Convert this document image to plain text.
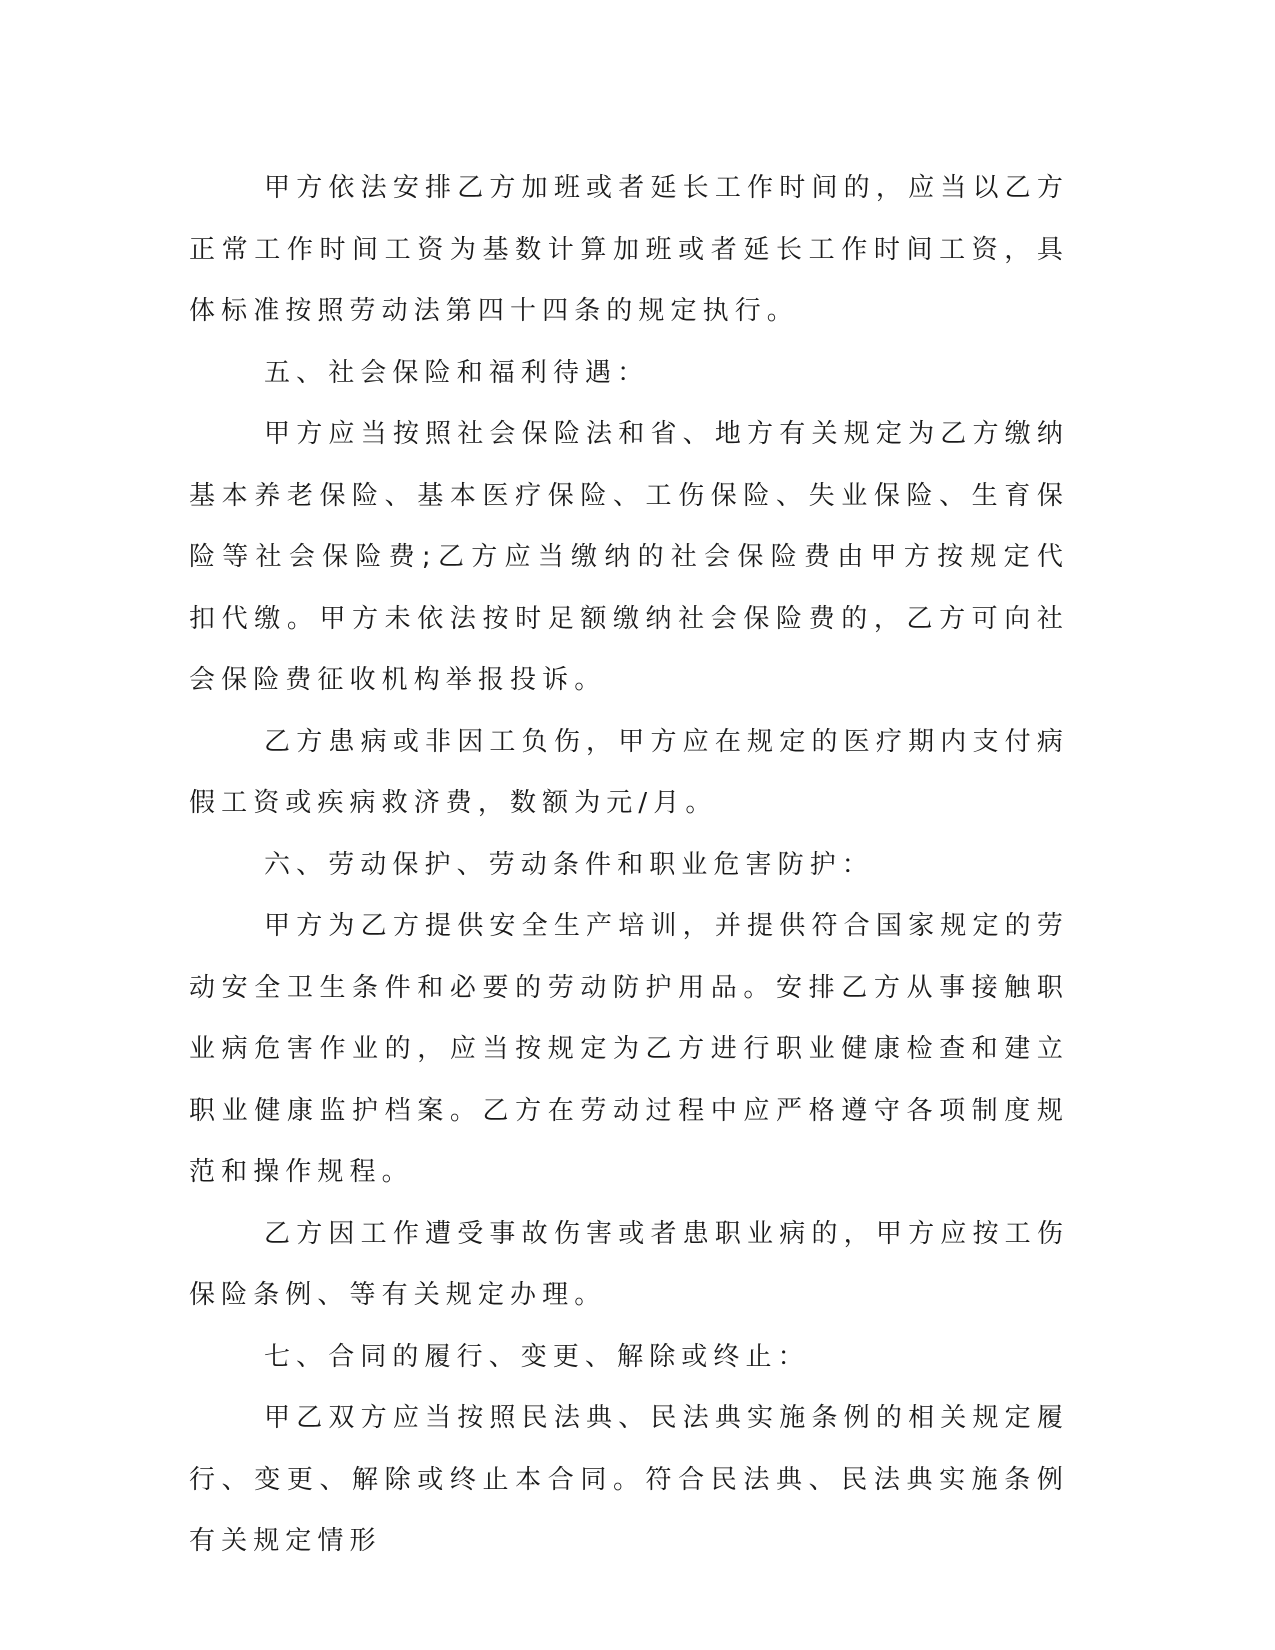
甲方依法安排乙方加班或者延长工作时间的，应当以乙方正常工作时间工资为基数计算加班或者延长工作时间工资，具体标准按照劳动法第四十四条的规定执行。

五、社会保险和福利待遇：

甲方应当按照社会保险法和省、地方有关规定为乙方缴纳基本养老保险、基本医疗保险、工伤保险、失业保险、生育保险等社会保险费;乙方应当缴纳的社会保险费由甲方按规定代扣代缴。甲方未依法按时足额缴纳社会保险费的，乙方可向社会保险费征收机构举报投诉。

乙方患病或非因工负伤，甲方应在规定的医疗期内支付病假工资或疾病救济费，数额为元/月。

六、劳动保护、劳动条件和职业危害防护：

甲方为乙方提供安全生产培训，并提供符合国家规定的劳动安全卫生条件和必要的劳动防护用品。安排乙方从事接触职业病危害作业的，应当按规定为乙方进行职业健康检查和建立职业健康监护档案。乙方在劳动过程中应严格遵守各项制度规范和操作规程。

乙方因工作遭受事故伤害或者患职业病的，甲方应按工伤保险条例、等有关规定办理。

七、合同的履行、变更、解除或终止：

甲乙双方应当按照民法典、民法典实施条例的相关规定履行、变更、解除或终止本合同。符合民法典、民法典实施条例有关规定情形
